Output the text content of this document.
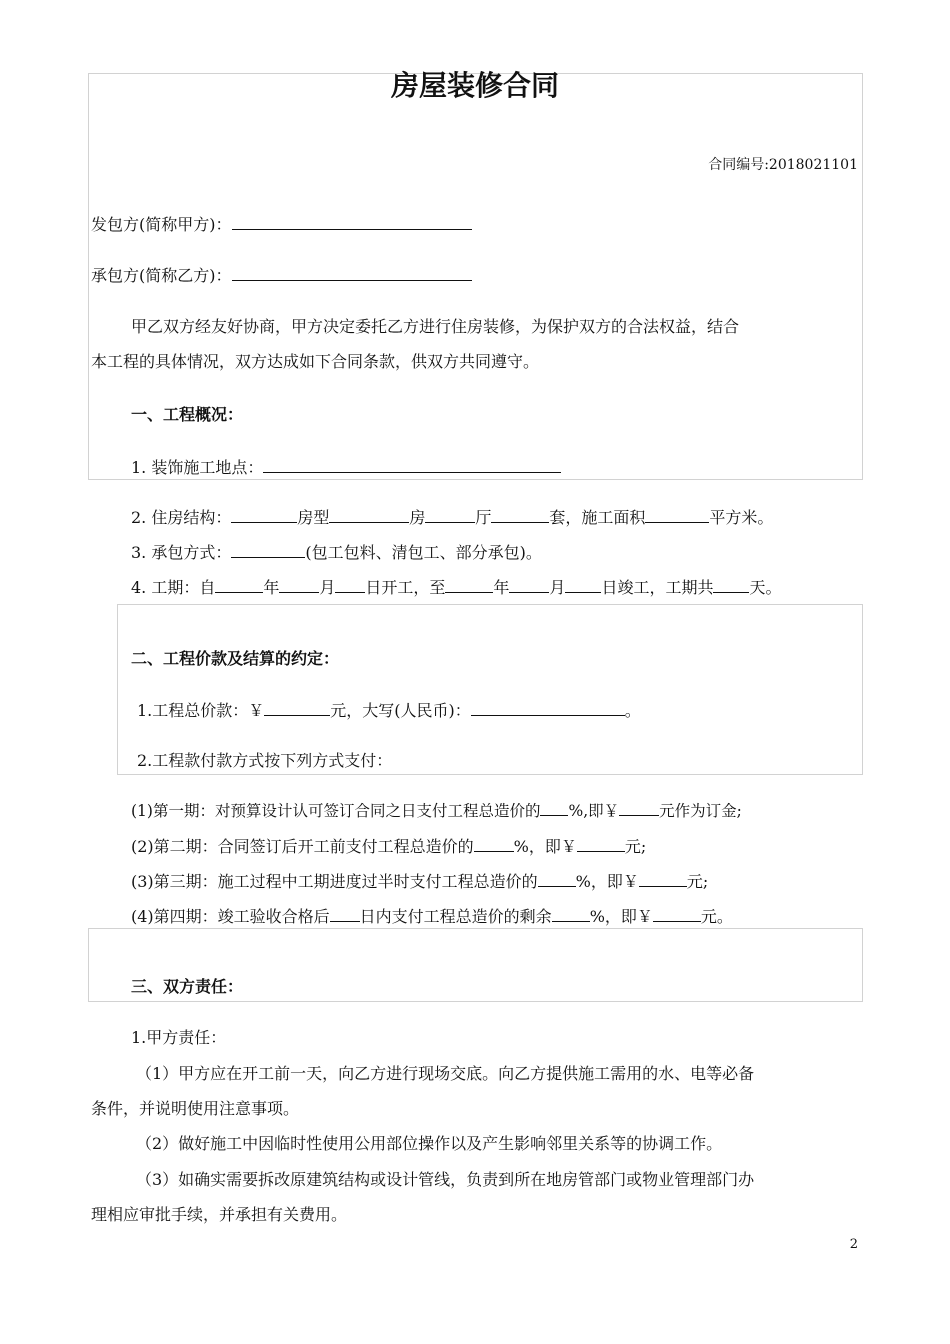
房屋装修合同
合同编号:2018021101
发包方(简称甲方)：
承包方(简称乙方)：
甲乙双方经友好协商，甲方决定委托乙方进行住房装修，为保护双方的合法权益，结合
本工程的具体情况，双方达成如下合同条款，供双方共同遵守。
一、工程概况：
1. 装饰施工地点：
2. 住房结构：	房型	房	厅	套，施工面积	平方米。
3. 承包方式：	(包工包料、清包工、部分承包)。
4. 工期：自	年	月 日开工，至	年	月 日竣工，工期共 天。
二、工程价款及结算的约定：
1.工程总价款：￥	元，大写(人民币)：	。
2.工程款付款方式按下列方式支付：
(1)第一期：对预算设计认可签订合同之日支付工程总造价的 %,即￥	元作为订金;
(2)第二期：合同签订后开工前支付工程总造价的	%，即￥	元;
(3)第三期：施工过程中工期进度过半时支付工程总造价的 %，即￥	元;
(4)第四期：竣工验收合格后 日内支付工程总造价的剩余 %，即￥	元。
三、双方责任：
1.甲方责任：
（1）甲方应在开工前一天，向乙方进行现场交底。向乙方提供施工需用的水、电等必备
条件，并说明使用注意事项。
（2）做好施工中因临时性使用公用部位操作以及产生影响邻里关系等的协调工作。
（3）如确实需要拆改原建筑结构或设计管线，负责到所在地房管部门或物业管理部门办
理相应审批手续，并承担有关费用。
2
